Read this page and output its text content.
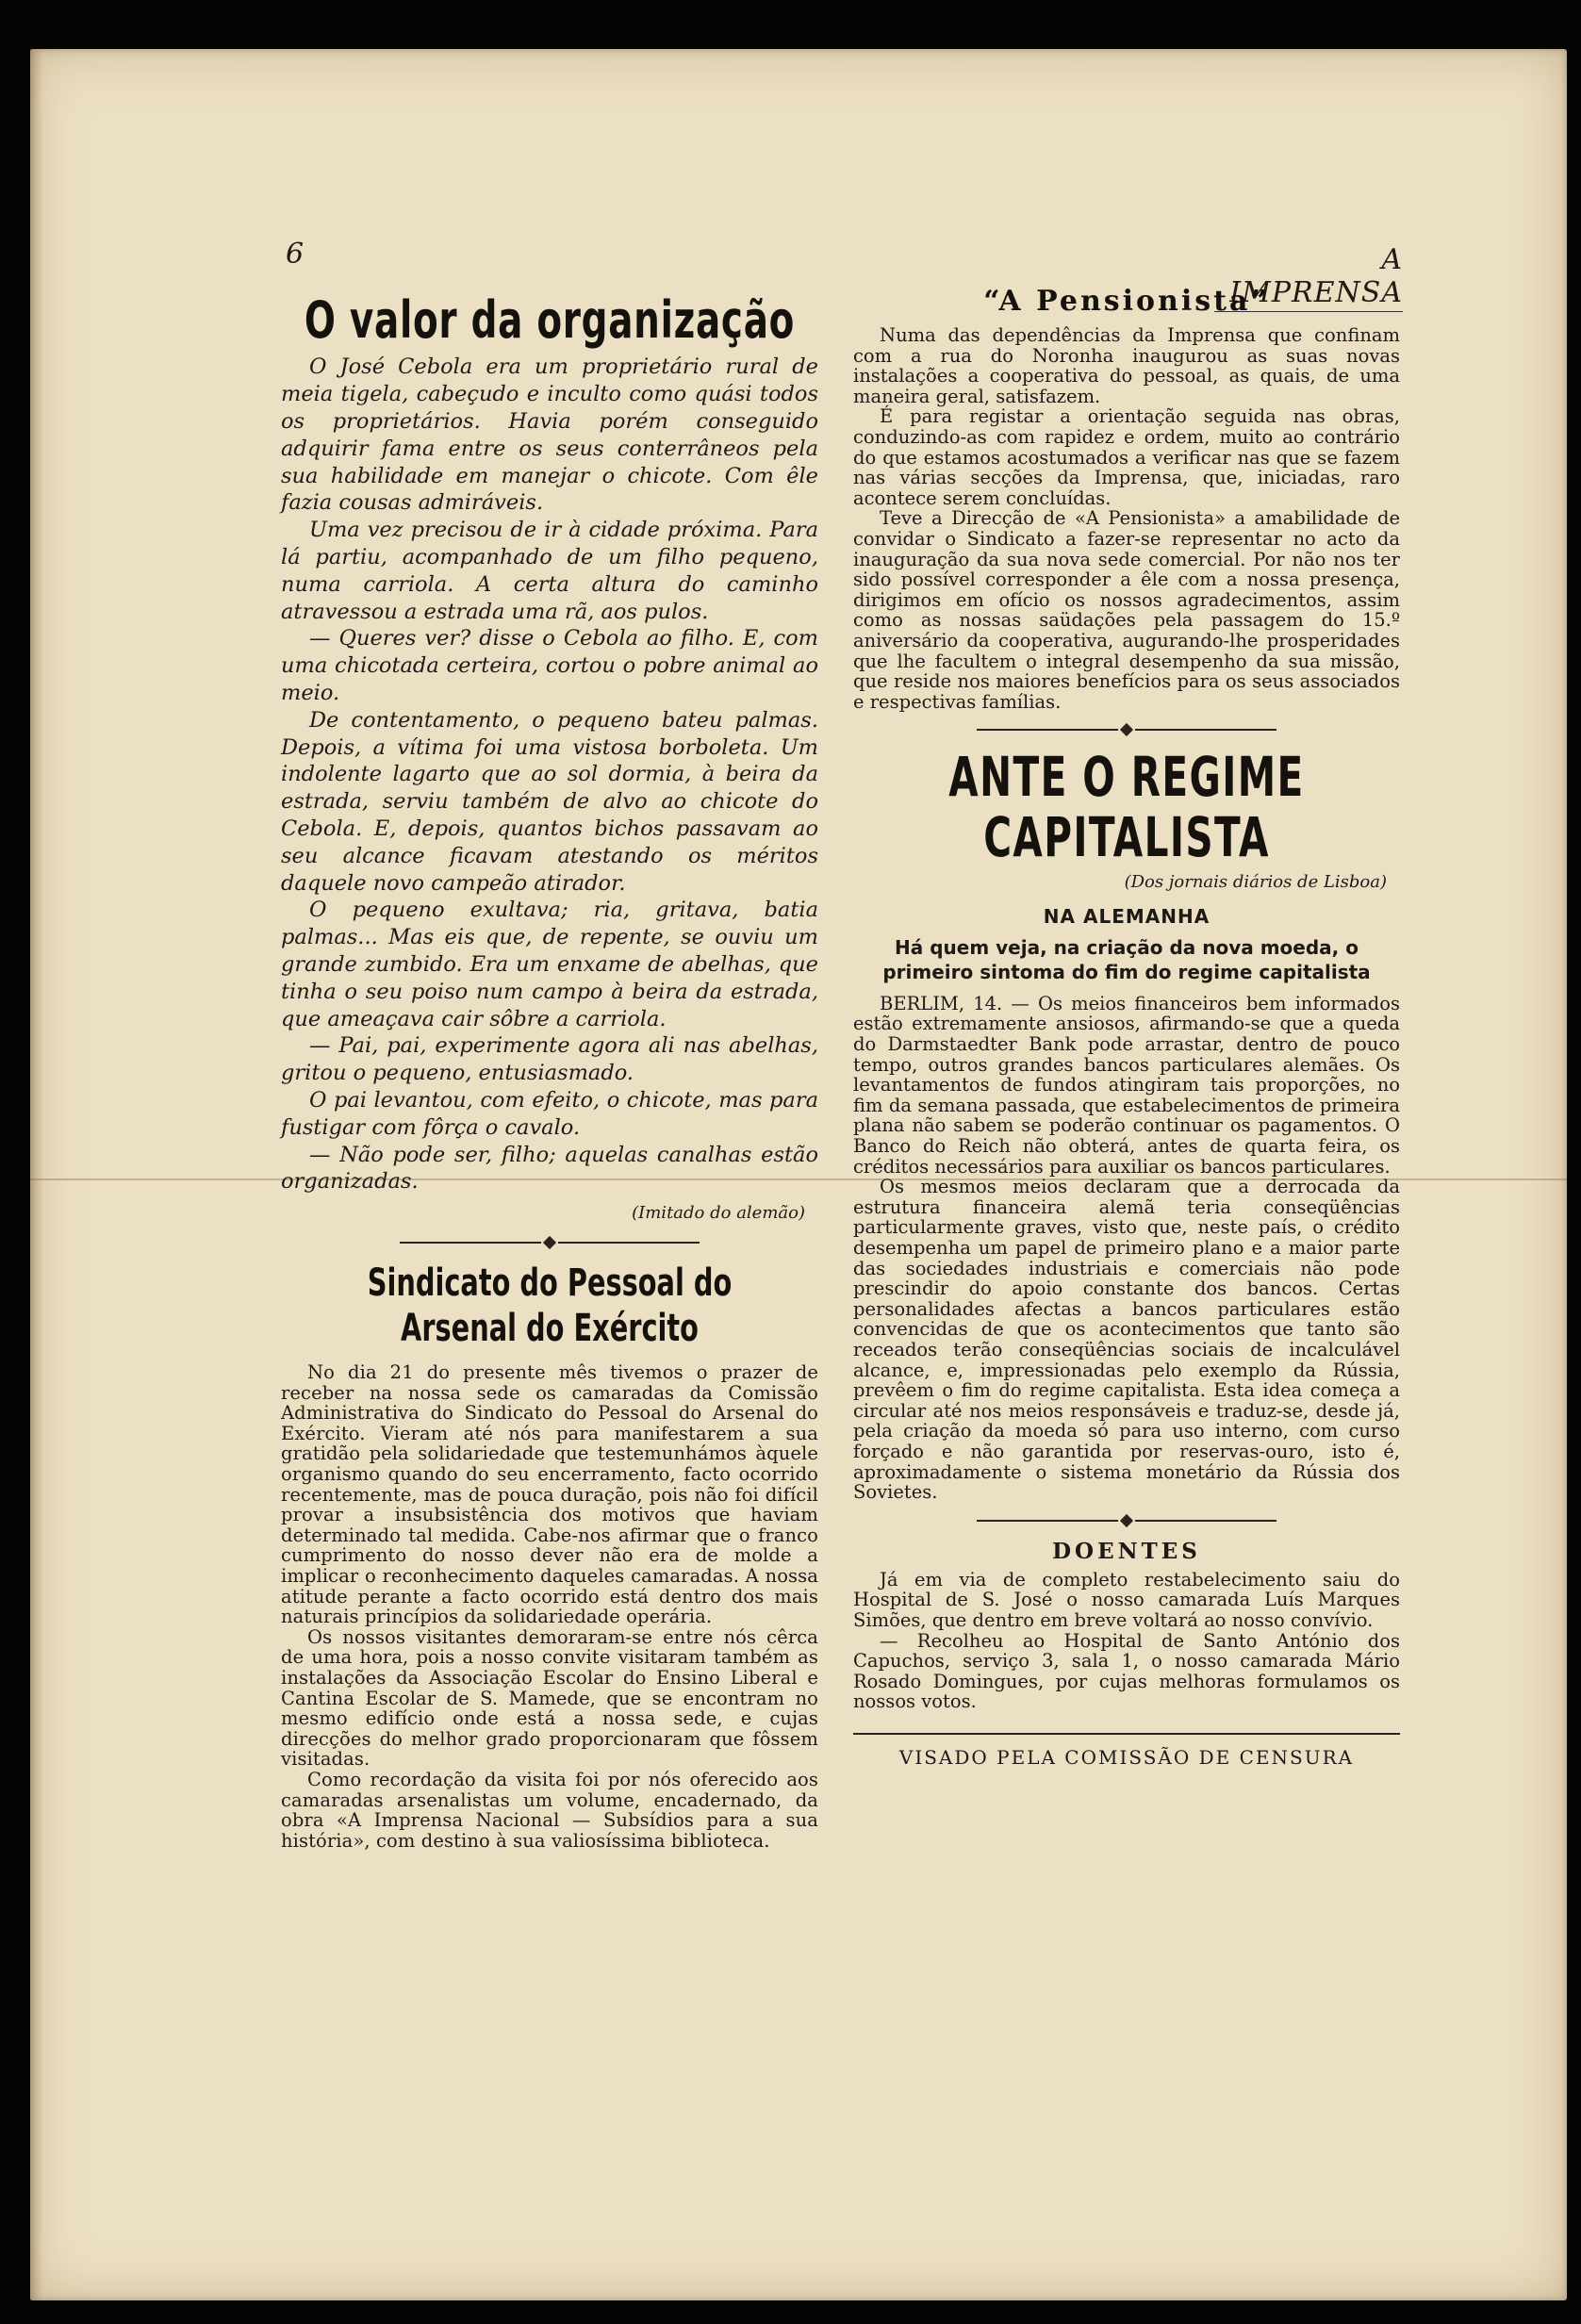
6	A IMPRENSA
O valor da organização

O José Cebola era um proprietário rural de meia tigela, cabeçudo e inculto como quási todos os proprietários. Havia porém conseguido adquirir fama entre os seus conterrâneos pela sua habilidade em manejar o chicote. Com êle fazia cousas admiráveis.

Uma vez precisou de ir à cidade próxima. Para lá partiu, acompanhado de um filho pequeno, numa carriola. A certa altura do caminho atravessou a estrada uma rã, aos pulos.

— Queres ver? disse o Cebola ao filho. E, com uma chicotada certeira, cortou o pobre animal ao meio.

De contentamento, o pequeno bateu palmas. Depois, a vítima foi uma vistosa borboleta. Um indolente lagarto que ao sol dormia, à beira da estrada, serviu também de alvo ao chicote do Cebola. E, depois, quantos bichos passavam ao seu alcance ficavam atestando os méritos daquele novo campeão atirador.

O pequeno exultava; ria, gritava, batia palmas... Mas eis que, de repente, se ouviu um grande zumbido. Era um enxame de abelhas, que tinha o seu poiso num campo à beira da estrada, que ameaçava cair sôbre a carriola.

— Pai, pai, experimente agora ali nas abelhas, gritou o pequeno, entusiasmado.

O pai levantou, com efeito, o chicote, mas para fustigar com fôrça o cavalo.

— Não pode ser, filho; aquelas canalhas estão organizadas.

(Imitado do alemão)
Sindicato do Pessoal do Arsenal do Exército

No dia 21 do presente mês tivemos o prazer de receber na nossa sede os camaradas da Comissão Administrativa do Sindicato do Pessoal do Arsenal do Exército. Vieram até nós para manifestarem a sua gratidão pela solidariedade que testemunhámos àquele organismo quando do seu encerramento, facto ocorrido recentemente, mas de pouca duração, pois não foi difícil provar a insubsistência dos motivos que haviam determinado tal medida. Cabe-nos afirmar que o franco cumprimento do nosso dever não era de molde a implicar o reconhecimento daqueles camaradas. A nossa atitude perante a facto ocorrido está dentro dos mais naturais princípios da solidariedade operária.

Os nossos visitantes demoraram-se entre nós cêrca de uma hora, pois a nosso convite visitaram também as instalações da Associação Escolar do Ensino Liberal e Cantina Escolar de S. Mamede, que se encontram no mesmo edifício onde está a nossa sede, e cujas direcções do melhor grado proporcionaram que fôssem visitadas.

Como recordação da visita foi por nós oferecido aos camaradas arsenalistas um volume, encadernado, da obra «A Imprensa Nacional — Subsídios para a sua história», com destino à sua valiosíssima biblioteca.

“A Pensionista”

Numa das dependências da Imprensa que confinam com a rua do Noronha inaugurou as suas novas instalações a cooperativa do pessoal, as quais, de uma maneira geral, satisfazem.

É para registar a orientação seguida nas obras, conduzindo-as com rapidez e ordem, muito ao contrário do que estamos acostumados a verificar nas que se fazem nas várias secções da Imprensa, que, iniciadas, raro acontece serem concluídas.

Teve a Direcção de «A Pensionista» a amabilidade de convidar o Sindicato a fazer-se representar no acto da inauguração da sua nova sede comercial. Por não nos ter sido possível corresponder a êle com a nossa presença, dirigimos em ofício os nossos agradecimentos, assim como as nossas saüdações pela passagem do 15.º aniversário da cooperativa, augurando-lhe prosperidades que lhe facultem o integral desempenho da sua missão, que reside nos maiores benefícios para os seus associados e respectivas famílias.

ANTE O REGIME CAPITALISTA
(Dos jornais diários de Lisboa)
NA ALEMANHA
Há quem veja, na criação da nova moeda, o primeiro sintoma do fim do regime capitalista

BERLIM, 14. — Os meios financeiros bem informados estão extremamente ansiosos, afirmando-se que a queda do Darmstaedter Bank pode arrastar, dentro de pouco tempo, outros grandes bancos particulares alemães. Os levantamentos de fundos atingiram tais proporções, no fim da semana passada, que estabelecimentos de primeira plana não sabem se poderão continuar os pagamentos. O Banco do Reich não obterá, antes de quarta feira, os créditos necessários para auxiliar os bancos particulares.

Os mesmos meios declaram que a derrocada da estrutura financeira alemã teria conseqüências particularmente graves, visto que, neste país, o crédito desempenha um papel de primeiro plano e a maior parte das sociedades industriais e comerciais não pode prescindir do apoio constante dos bancos. Certas personalidades afectas a bancos particulares estão convencidas de que os acontecimentos que tanto são receados terão conseqüências sociais de incalculável alcance, e, impressionadas pelo exemplo da Rússia, prevêem o fim do regime capitalista. Esta idea começa a circular até nos meios responsáveis e traduz-se, desde já, pela criação da moeda só para uso interno, com curso forçado e não garantida por reservas-ouro, isto é, aproximadamente o sistema monetário da Rússia dos Sovietes.

DOENTES

Já em via de completo restabelecimento saiu do Hospital de S. José o nosso camarada Luís Marques Simões, que dentro em breve voltará ao nosso convívio.

— Recolheu ao Hospital de Santo António dos Capuchos, serviço 3, sala 1, o nosso camarada Mário Rosado Domingues, por cujas melhoras formulamos os nossos votos.

VISADO PELA COMISSÃO DE CENSURA
